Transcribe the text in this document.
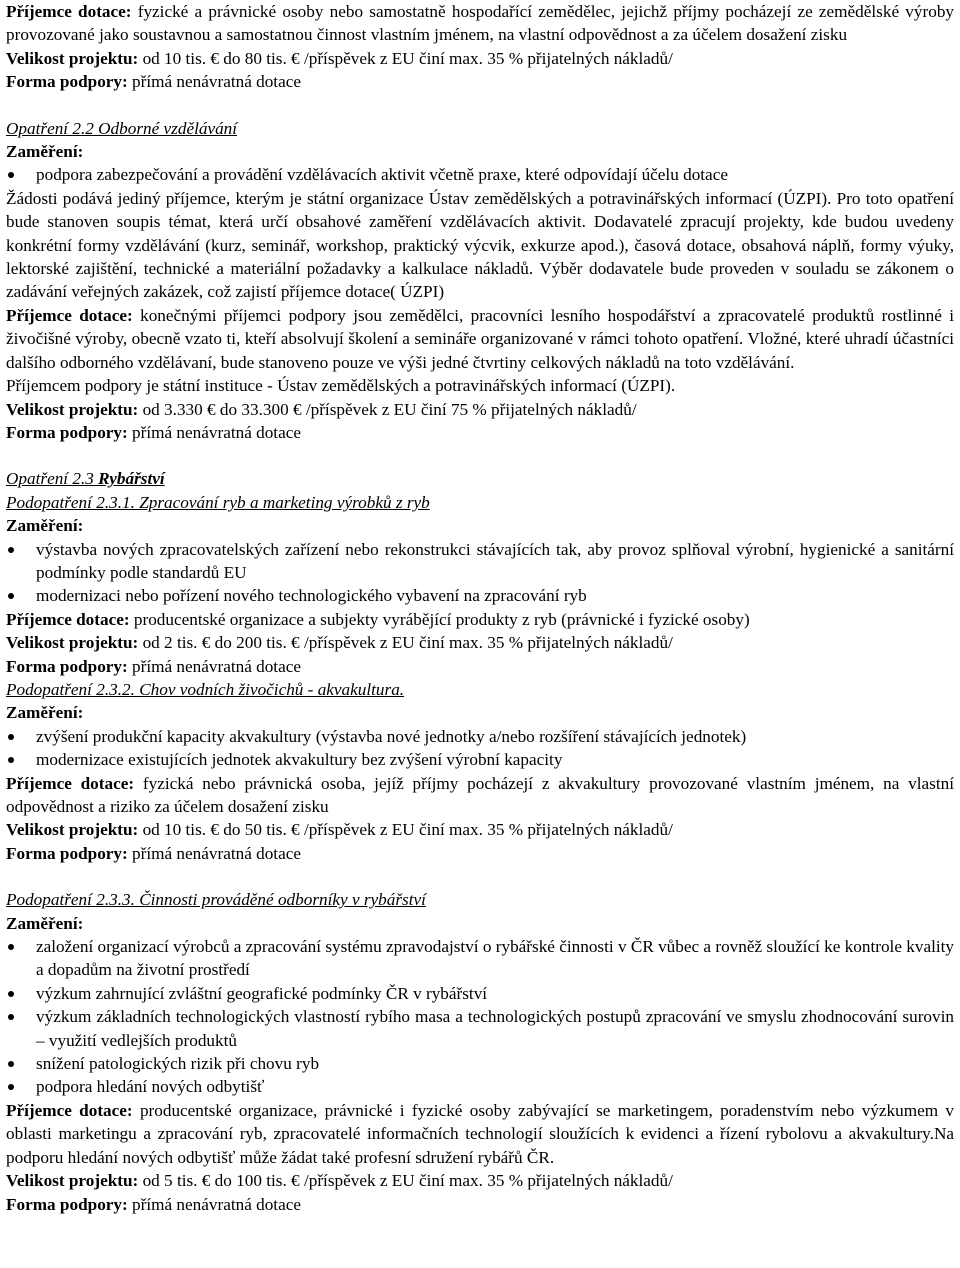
Příjemce dotace: fyzické a právnické osoby nebo samostatně hospodařící zemědělec, jejichž příjmy pocházejí ze zemědělské výroby provozované jako soustavnou a samostatnou činnost vlastním jménem, na vlastní odpovědnost a za účelem dosažení zisku

Velikost projektu: od 10 tis. € do 80 tis. € /příspěvek z EU činí max. 35 % přijatelných nákladů/

Forma podpory: přímá nenávratná dotace

Opatření 2.2 Odborné vzdělávání

Zaměření:

podpora zabezpečování a provádění vzdělávacích aktivit včetně praxe, které odpovídají účelu dotace

Žádosti podává jediný příjemce, kterým je státní organizace Ústav zemědělských a potravinářských informací (ÚZPI). Pro toto opatření bude stanoven soupis témat, která určí obsahové zaměření vzdělávacích aktivit. Dodavatelé zpracují projekty, kde budou uvedeny konkrétní formy vzdělávání (kurz, seminář, workshop, praktický výcvik, exkurze apod.), časová dotace, obsahová náplň, formy výuky, lektorské zajištění, technické a materiální požadavky a kalkulace nákladů. Výběr dodavatele bude proveden v souladu se zákonem o zadávání veřejných zakázek, což zajistí příjemce dotace( ÚZPI)

Příjemce dotace: konečnými příjemci podpory jsou zemědělci, pracovníci lesního hospodářství a zpracovatelé produktů rostlinné i živočišné výroby, obecně vzato ti, kteří absolvují školení a semináře organizované v rámci tohoto opatření. Vložné, které uhradí účastníci dalšího odborného vzdělávaní, bude stanoveno pouze ve výši jedné čtvrtiny celkových nákladů na toto vzdělávání.

Příjemcem podpory je státní instituce - Ústav zemědělských a potravinářských informací (ÚZPI).

Velikost projektu: od 3.330 € do 33.300 € /příspěvek z EU činí 75 % přijatelných nákladů/

Forma podpory: přímá nenávratná dotace

Opatření 2.3 Rybářství

Podopatření 2.3.1. Zpracování ryb a marketing výrobků z ryb

Zaměření:

výstavba nových zpracovatelských zařízení nebo rekonstrukci stávajících tak, aby provoz splňoval výrobní, hygienické a sanitární podmínky podle standardů EU
modernizaci nebo pořízení nového technologického vybavení na zpracování ryb

Příjemce dotace: producentské organizace a subjekty vyrábějící produkty z ryb (právnické i fyzické osoby)

Velikost projektu: od 2 tis. € do 200 tis. € /příspěvek z EU činí max. 35 % přijatelných nákladů/

Forma podpory: přímá nenávratná dotace

Podopatření 2.3.2. Chov vodních živočichů - akvakultura.

Zaměření:

zvýšení produkční kapacity akvakultury (výstavba nové jednotky a/nebo rozšíření stávajících jednotek)
modernizace existujících jednotek akvakultury bez zvýšení výrobní kapacity

Příjemce dotace: fyzická nebo právnická osoba, jejíž příjmy pocházejí z akvakultury provozované vlastním jménem, na vlastní odpovědnost a riziko za účelem dosažení zisku

Velikost projektu: od 10 tis. € do 50 tis. € /příspěvek z EU činí max. 35 % přijatelných nákladů/

Forma podpory: přímá nenávratná dotace

Podopatření 2.3.3. Činnosti prováděné odborníky v rybářství

Zaměření:

založení organizací výrobců a zpracování systému zpravodajství o rybářské činnosti v ČR vůbec a rovněž sloužící ke kontrole kvality a dopadům na životní prostředí
výzkum zahrnující zvláštní geografické podmínky ČR v rybářství
výzkum základních technologických vlastností rybího masa a technologických postupů zpracování ve smyslu zhodnocování surovin – využití vedlejších produktů
snížení patologických rizik při chovu ryb
podpora hledání nových odbytišť

Příjemce dotace: producentské organizace, právnické i fyzické osoby zabývající se marketingem, poradenstvím nebo výzkumem v oblasti marketingu a zpracování ryb, zpracovatelé informačních technologií sloužících k evidenci a řízení rybolovu a akvakultury.Na podporu hledání nových odbytišť může žádat také profesní sdružení rybářů ČR.

Velikost projektu: od 5 tis. € do 100 tis. € /příspěvek z EU činí max. 35 % přijatelných nákladů/

Forma podpory: přímá nenávratná dotace
